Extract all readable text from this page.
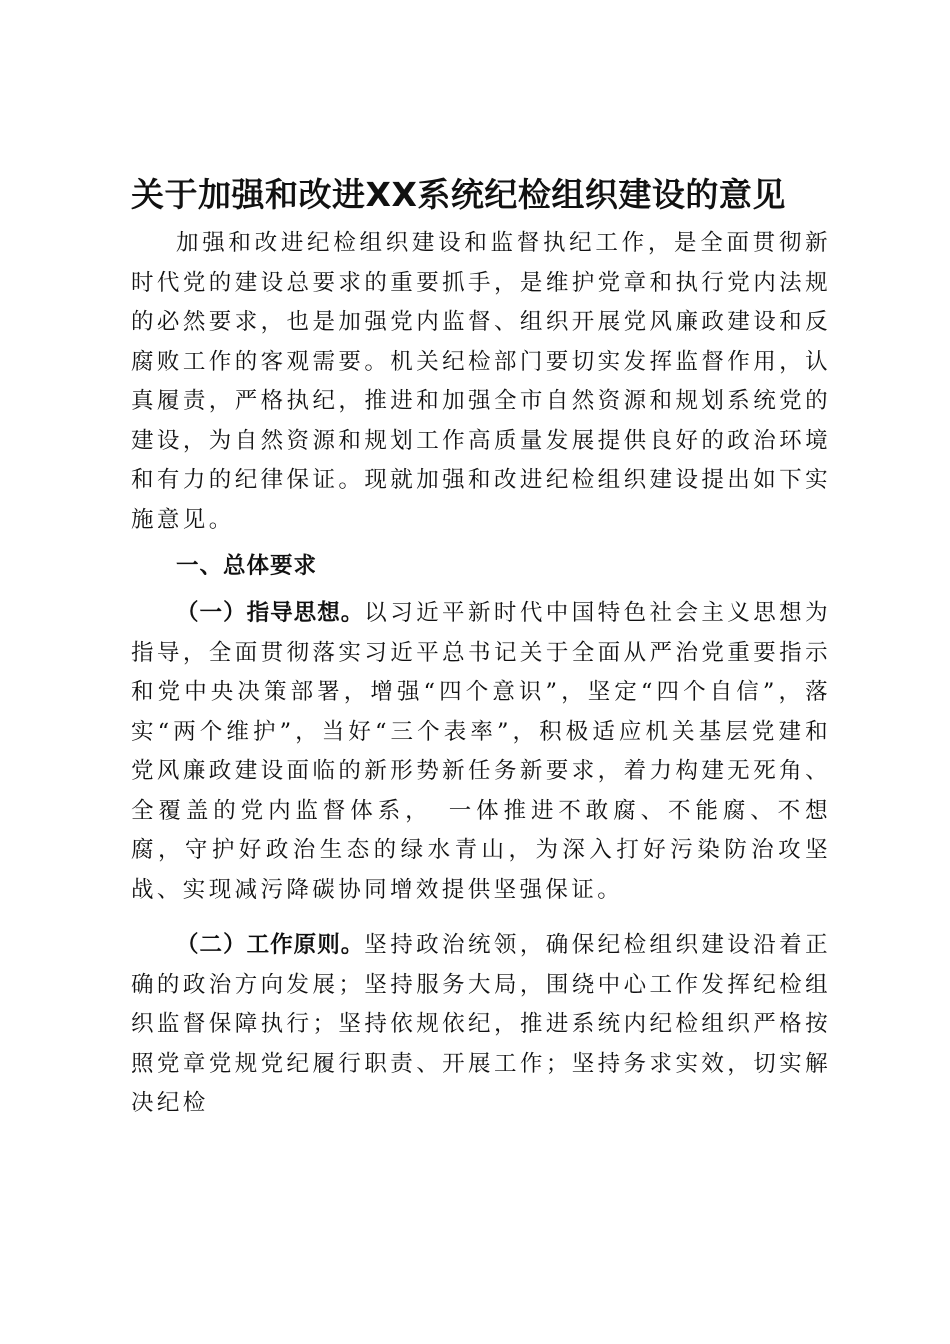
关于加强和改进XX系统纪检组织建设的意见

加强和改进纪检组织建设和监督执纪工作，是全面贯彻新时代党的建设总要求的重要抓手，是维护党章和执行党内法规的必然要求，也是加强党内监督、组织开展党风廉政建设和反腐败工作的客观需要。机关纪检部门要切实发挥监督作用，认真履责，严格执纪，推进和加强全市自然资源和规划系统党的建设，为自然资源和规划工作高质量发展提供良好的政治环境和有力的纪律保证。现就加强和改进纪检组织建设提出如下实施意见。

一、总体要求

（一）指导思想。以习近平新时代中国特色社会主义思想为指导，全面贯彻落实习近平总书记关于全面从严治党重要指示和党中央决策部署，增强“四个意识”，坚定“四个自信”，落实“两个维护”，当好“三个表率”，积极适应机关基层党建和党风廉政建设面临的新形势新任务新要求，着力构建无死角、全覆盖的党内监督体系，　一体推进不敢腐、不能腐、不想腐，守护好政治生态的绿水青山，为深入打好污染防治攻坚战、实现减污降碳协同增效提供坚强保证。

（二）工作原则。坚持政治统领，确保纪检组织建设沿着正确的政治方向发展；坚持服务大局，围绕中心工作发挥纪检组织监督保障执行；坚持依规依纪，推进系统内纪检组织严格按照党章党规党纪履行职责、开展工作；坚持务求实效，切实解决纪检
